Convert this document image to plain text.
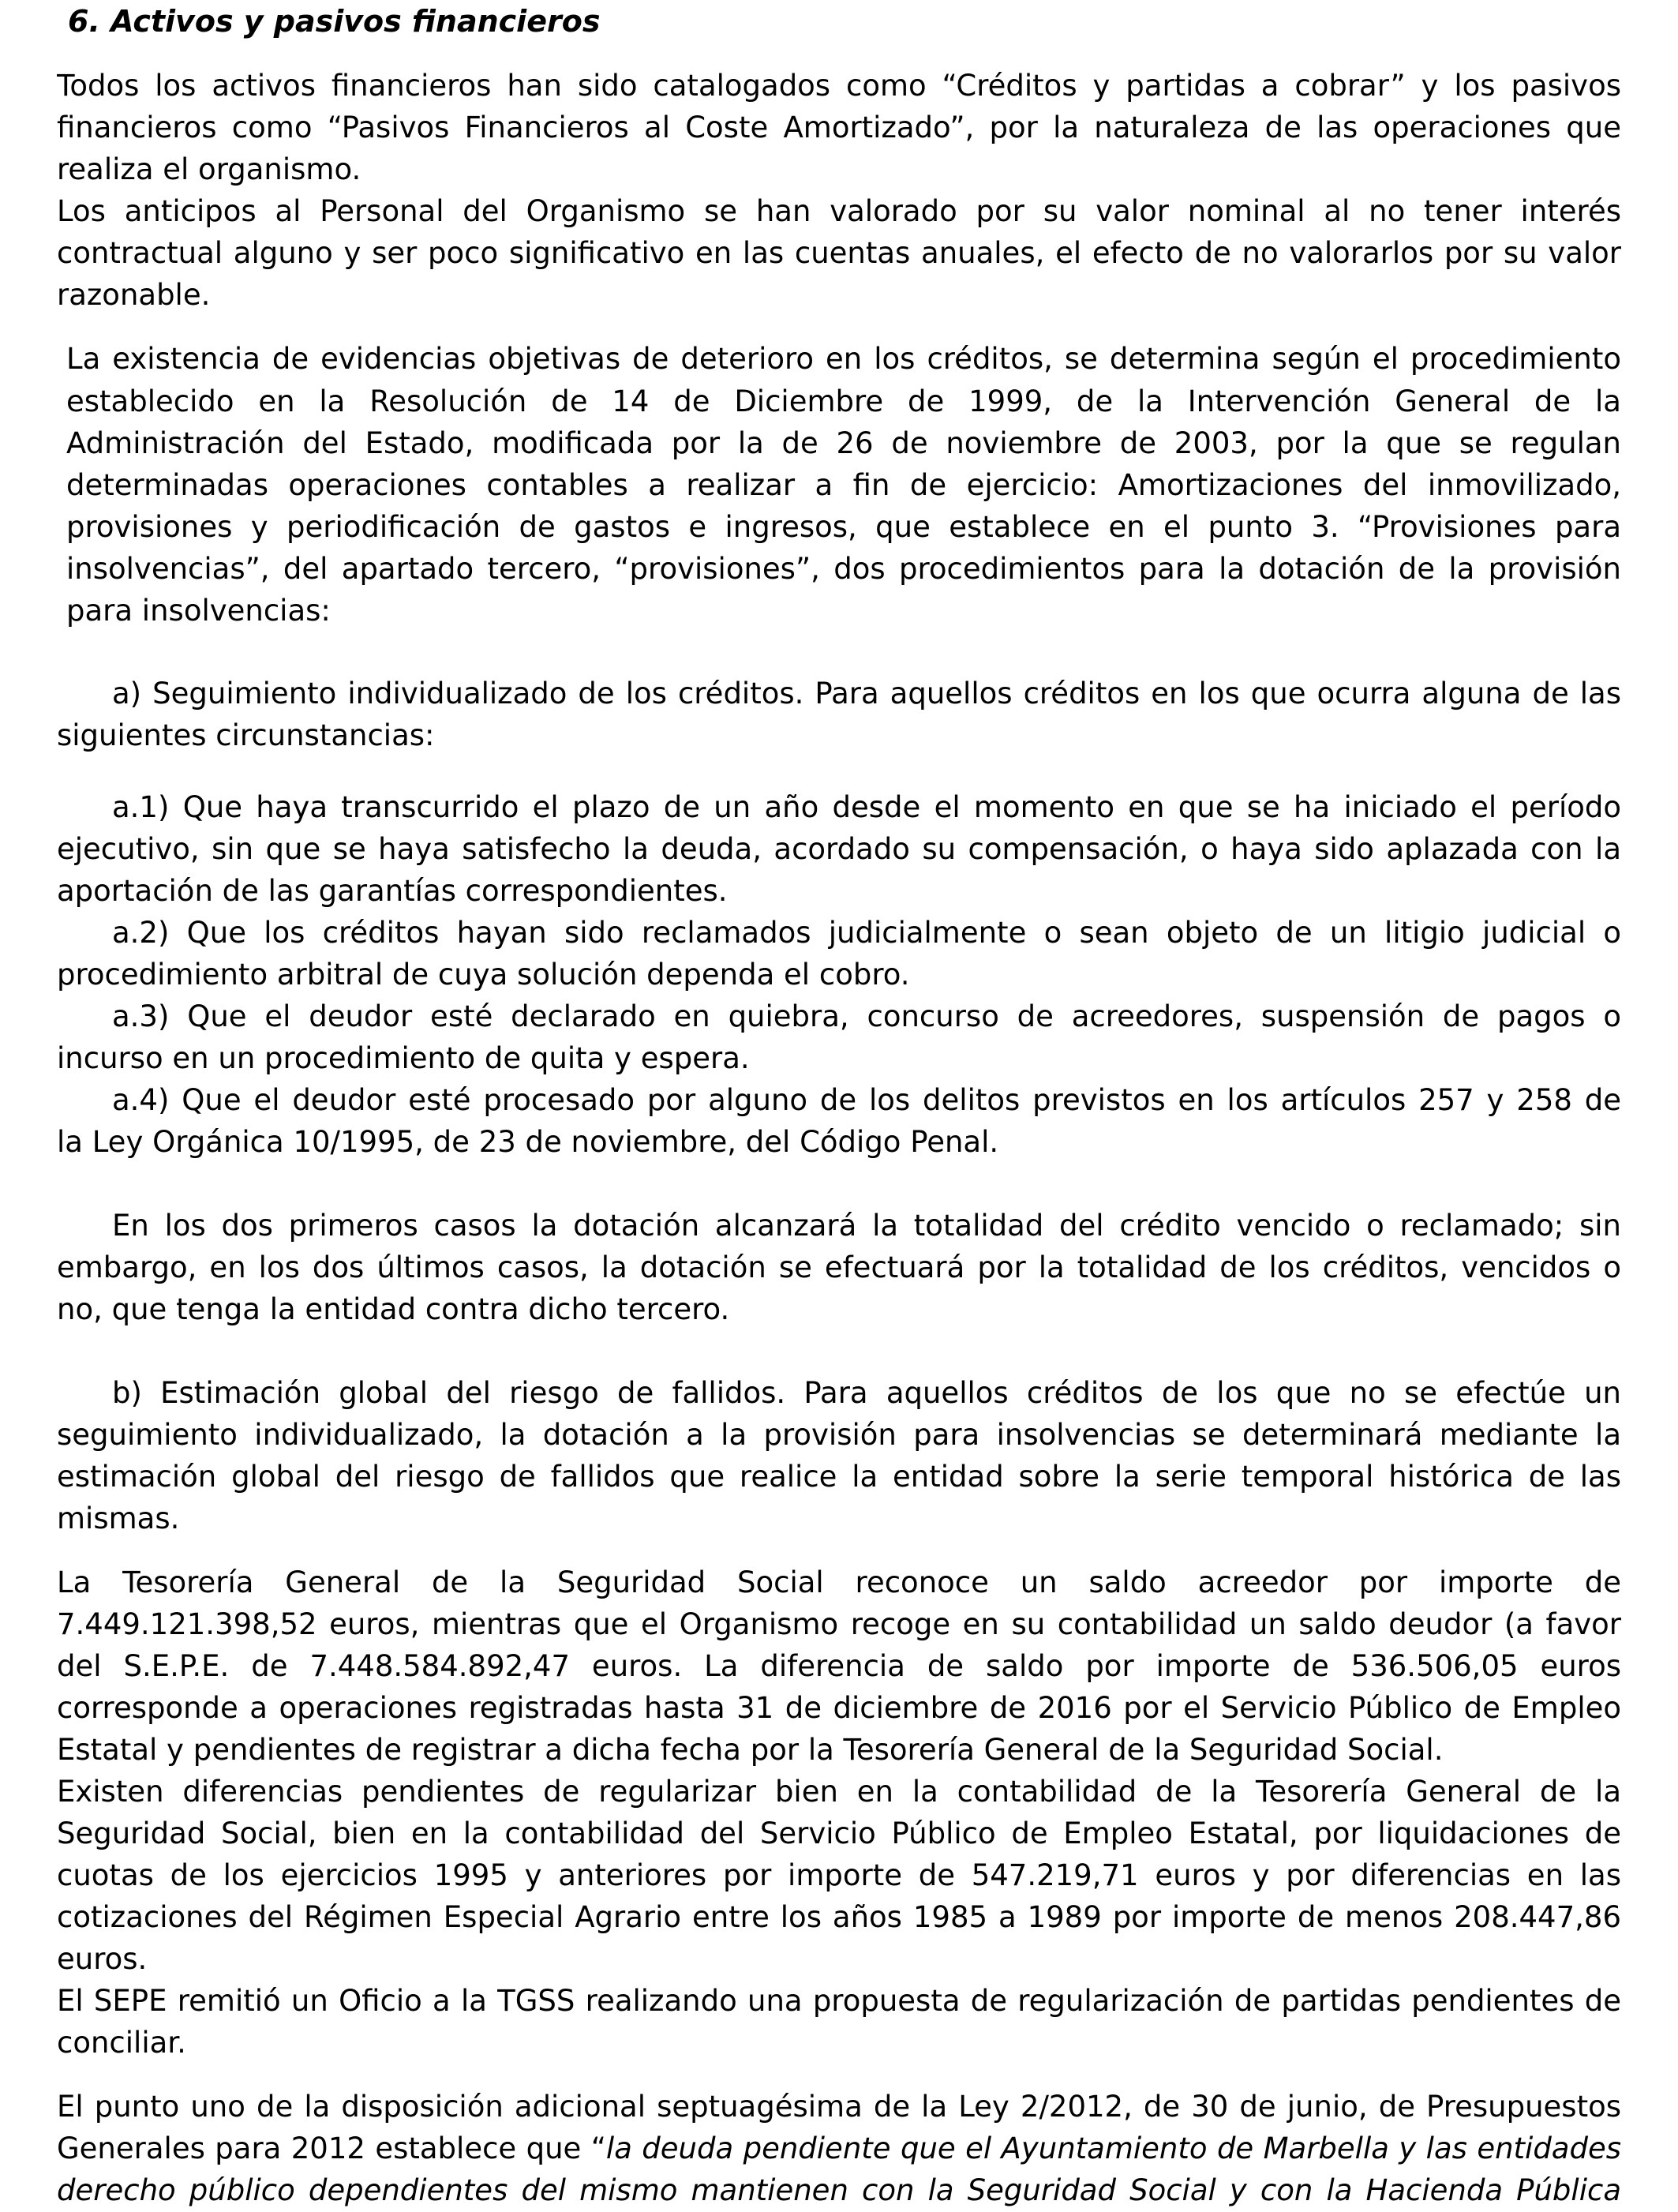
6. Activos y pasivos financieros
Todos los activos financieros han sido catalogados como “Créditos y partidas a cobrar” y los pasivos
financieros como “Pasivos Financieros al Coste Amortizado”, por la naturaleza de las operaciones que
realiza el organismo.
Los anticipos al Personal del Organismo se han valorado por su valor nominal al no tener interés
contractual alguno y ser poco significativo en las cuentas anuales, el efecto de no valorarlos por su valor
razonable.
La existencia de evidencias objetivas de deterioro en los créditos, se determina según el procedimiento
establecido en la Resolución de 14 de Diciembre de 1999, de la Intervención General de la
Administración del Estado, modificada por la de 26 de noviembre de 2003, por la que se regulan
determinadas operaciones contables a realizar a fin de ejercicio: Amortizaciones del inmovilizado,
provisiones y periodificación de gastos e ingresos, que establece en el punto 3. “Provisiones para
insolvencias”, del apartado tercero, “provisiones”, dos procedimientos para la dotación de la provisión
para insolvencias:
a) Seguimiento individualizado de los créditos. Para aquellos créditos en los que ocurra alguna de las
siguientes circunstancias:
a.1) Que haya transcurrido el plazo de un año desde el momento en que se ha iniciado el período
ejecutivo, sin que se haya satisfecho la deuda, acordado su compensación, o haya sido aplazada con la
aportación de las garantías correspondientes.
a.2) Que los créditos hayan sido reclamados judicialmente o sean objeto de un litigio judicial o
procedimiento arbitral de cuya solución dependa el cobro.
a.3) Que el deudor esté declarado en quiebra, concurso de acreedores, suspensión de pagos o
incurso en un procedimiento de quita y espera.
a.4) Que el deudor esté procesado por alguno de los delitos previstos en los artículos 257 y 258 de
la Ley Orgánica 10/1995, de 23 de noviembre, del Código Penal.
En los dos primeros casos la dotación alcanzará la totalidad del crédito vencido o reclamado; sin
embargo, en los dos últimos casos, la dotación se efectuará por la totalidad de los créditos, vencidos o
no, que tenga la entidad contra dicho tercero.
b) Estimación global del riesgo de fallidos. Para aquellos créditos de los que no se efectúe un
seguimiento individualizado, la dotación a la provisión para insolvencias se determinará mediante la
estimación global del riesgo de fallidos que realice la entidad sobre la serie temporal histórica de las
mismas.
La Tesorería General de la Seguridad Social reconoce un saldo acreedor por importe de
7.449.121.398,52 euros, mientras que el Organismo recoge en su contabilidad un saldo deudor (a favor
del S.E.P.E. de 7.448.584.892,47 euros. La diferencia de saldo por importe de 536.506,05 euros
corresponde a operaciones registradas hasta 31 de diciembre de 2016 por el Servicio Público de Empleo
Estatal y pendientes de registrar a dicha fecha por la Tesorería General de la Seguridad Social.
Existen diferencias pendientes de regularizar bien en la contabilidad de la Tesorería General de la
Seguridad Social, bien en la contabilidad del Servicio Público de Empleo Estatal, por liquidaciones de
cuotas de los ejercicios 1995 y anteriores por importe de 547.219,71 euros y por diferencias en las
cotizaciones del Régimen Especial Agrario entre los años 1985 a 1989 por importe de menos 208.447,86
euros.
El SEPE remitió un Oficio a la TGSS realizando una propuesta de regularización de partidas pendientes de
conciliar.
El punto uno de la disposición adicional septuagésima de la Ley 2/2012, de 30 de junio, de Presupuestos
Generales para 2012 establece que “la deuda pendiente que el Ayuntamiento de Marbella y las entidades
derecho público dependientes del mismo mantienen con la Seguridad Social y con la Hacienda Pública
